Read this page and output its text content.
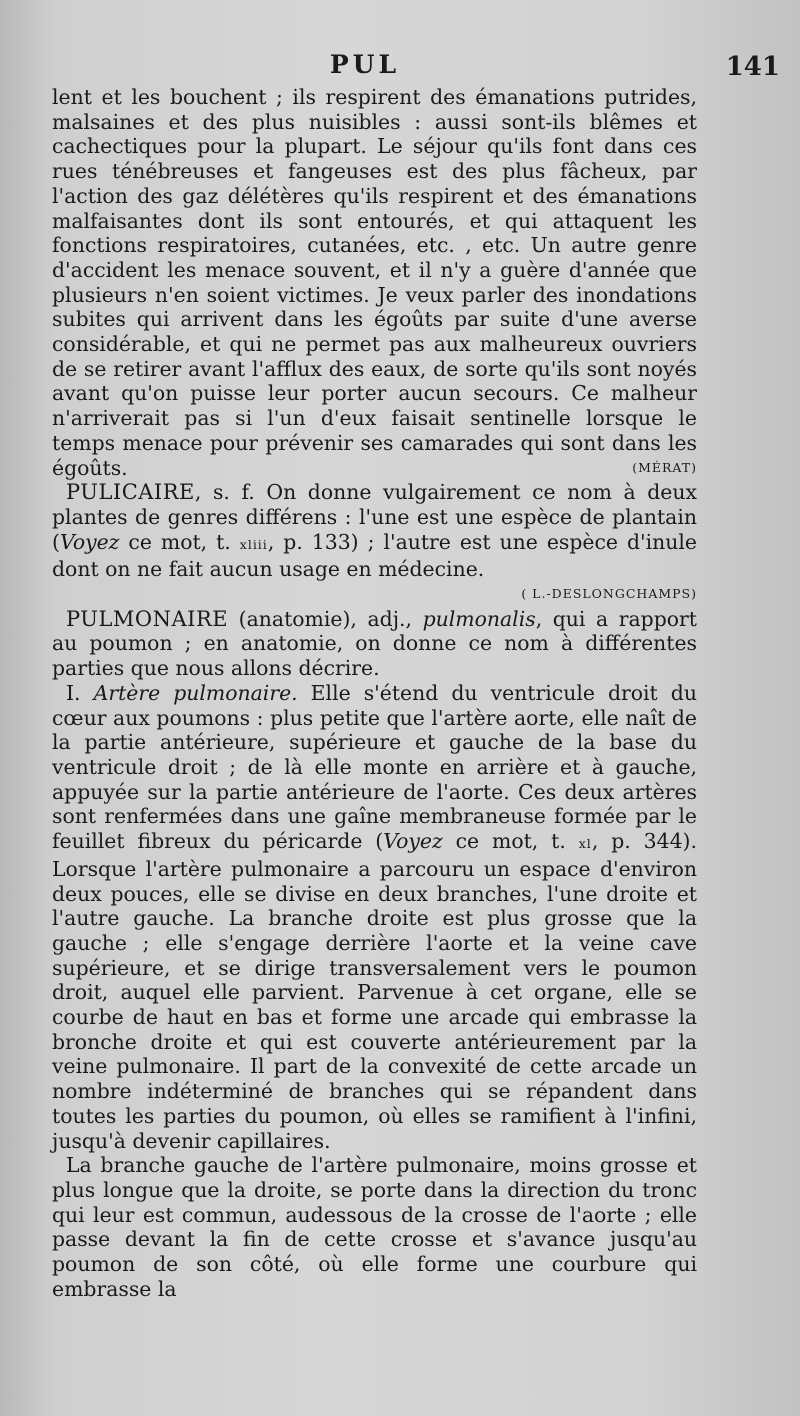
PUL	141

lent et les bouchent ; ils respirent des émanations putrides, malsaines et des plus nuisibles : aussi sont-ils blêmes et cachectiques pour la plupart. Le séjour qu'ils font dans ces rues ténébreuses et fangeuses est des plus fâcheux, par l'action des gaz délétères qu'ils respirent et des émanations malfaisantes dont ils sont entourés, et qui attaquent les fonctions respiratoires, cutanées, etc. , etc. Un autre genre d'accident les menace souvent, et il n'y a guère d'année que plusieurs n'en soient victimes. Je veux parler des inondations subites qui arrivent dans les égoûts par suite d'une averse considérable, et qui ne permet pas aux malheureux ouvriers de se retirer avant l'afflux des eaux, de sorte qu'ils sont noyés avant qu'on puisse leur porter aucun secours. Ce malheur n'arriverait pas si l'un d'eux faisait sentinelle lorsque le temps menace pour prévenir ses camarades qui sont dans les égoûts.	(MÉRAT)

PULICAIRE, s. f. On donne vulgairement ce nom à deux plantes de genres différens : l'une est une espèce de plantain (Voyez ce mot, t. xliii, p. 133) ; l'autre est une espèce d'inule dont on ne fait aucun usage en médecine.

( L.-DESLONGCHAMPS)

PULMONAIRE (anatomie), adj., pulmonalis, qui a rapport au poumon ; en anatomie, on donne ce nom à différentes parties que nous allons décrire.

I. Artère pulmonaire. Elle s'étend du ventricule droit du cœur aux poumons : plus petite que l'artère aorte, elle naît de la partie antérieure, supérieure et gauche de la base du ventricule droit ; de là elle monte en arrière et à gauche, appuyée sur la partie antérieure de l'aorte. Ces deux artères sont renfermées dans une gaîne membraneuse formée par le feuillet fibreux du péricarde (Voyez ce mot, t. xl, p. 344). Lorsque l'artère pulmonaire a parcouru un espace d'environ deux pouces, elle se divise en deux branches, l'une droite et l'autre gauche. La branche droite est plus grosse que la gauche ; elle s'engage derrière l'aorte et la veine cave supérieure, et se dirige transversalement vers le poumon droit, auquel elle parvient. Parvenue à cet organe, elle se courbe de haut en bas et forme une arcade qui embrasse la bronche droite et qui est couverte antérieurement par la veine pulmonaire. Il part de la convexité de cette arcade un nombre indéterminé de branches qui se répandent dans toutes les parties du poumon, où elles se ramifient à l'infini, jusqu'à devenir capillaires.

La branche gauche de l'artère pulmonaire, moins grosse et plus longue que la droite, se porte dans la direction du tronc qui leur est commun, audessous de la crosse de l'aorte ; elle passe devant la fin de cette crosse et s'avance jusqu'au poumon de son côté, où elle forme une courbure qui embrasse la
